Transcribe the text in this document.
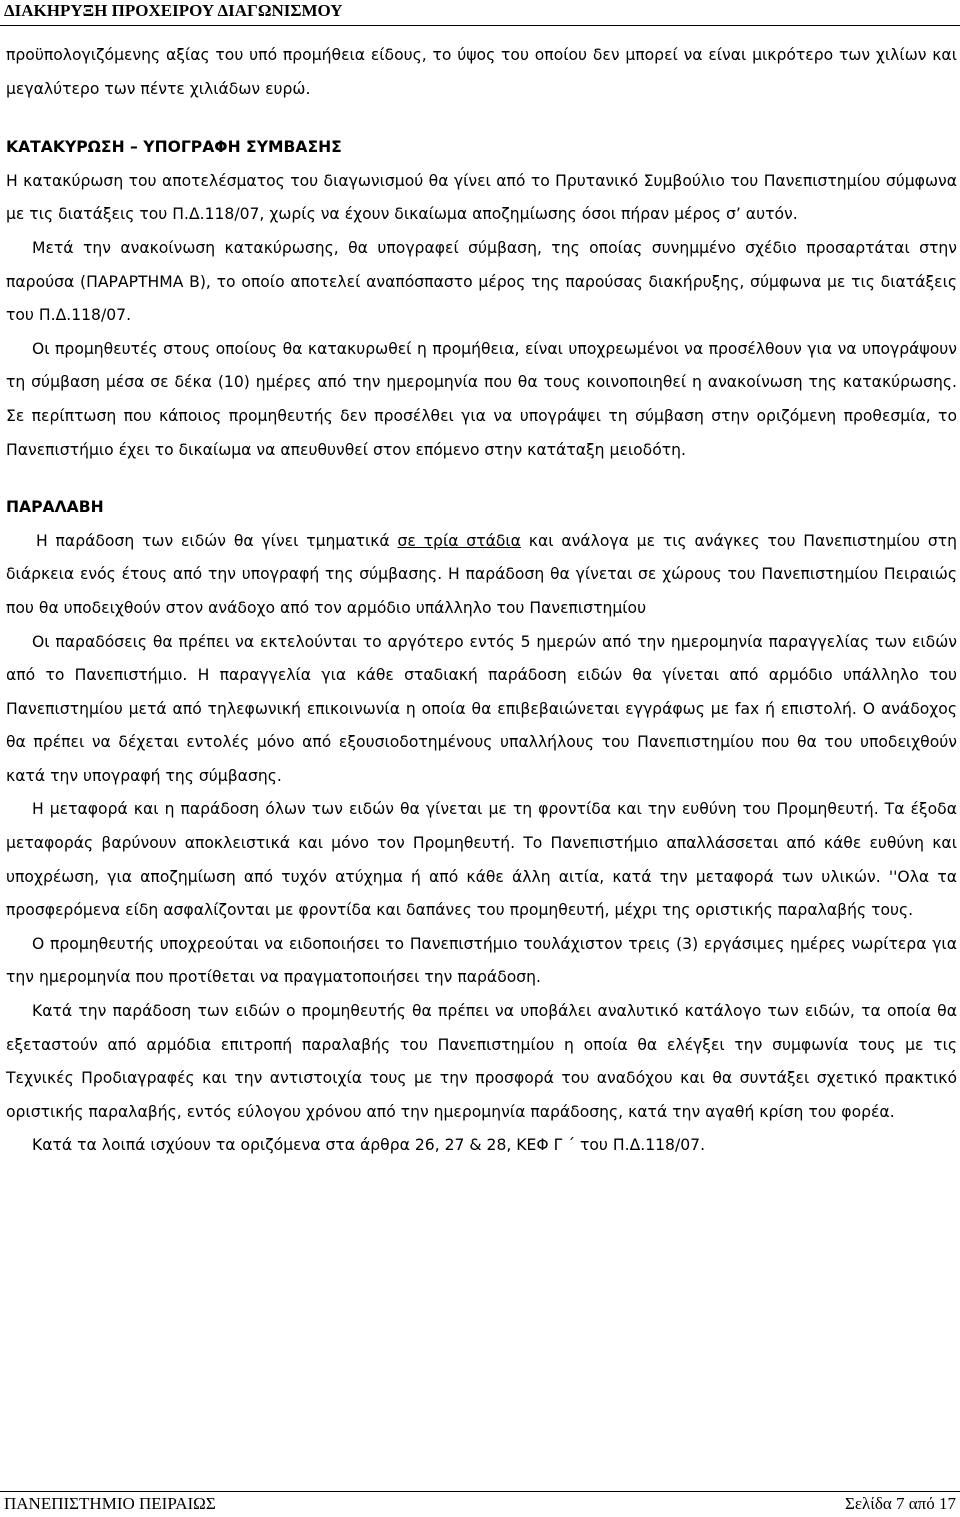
ΔΙΑΚΗΡΥΞΗ ΠΡΟΧΕΙΡΟΥ ΔΙΑΓΩΝΙΣΜΟΥ

προϋπολογιζόμενης αξίας του υπό προμήθεια είδους, το ύψος του οποίου δεν μπορεί να είναι μικρότερο των χιλίων και μεγαλύτερο των πέντε χιλιάδων ευρώ.

ΚΑΤΑΚΥΡΩΣΗ – ΥΠΟΓΡΑΦΗ ΣΥΜΒΑΣΗΣ

Η κατακύρωση του αποτελέσματος του διαγωνισμού θα γίνει από το Πρυτανικό Συμβούλιο του Πανεπιστημίου σύμφωνα με τις διατάξεις του Π.Δ.118/07, χωρίς να έχουν δικαίωμα αποζημίωσης όσοι πήραν μέρος σ’ αυτόν.

Μετά την ανακοίνωση κατακύρωσης, θα υπογραφεί σύμβαση, της οποίας συνημμένο σχέδιο προσαρτάται στην παρούσα (ΠΑΡΑΡΤΗΜΑ Β), το οποίο αποτελεί αναπόσπαστο μέρος της παρούσας διακήρυξης, σύμφωνα με τις διατάξεις του Π.Δ.118/07.

Οι προμηθευτές στους οποίους θα κατακυρωθεί η προμήθεια, είναι υποχρεωμένοι να προσέλθουν για να υπογράψουν τη σύμβαση μέσα σε δέκα (10) ημέρες από την ημερομηνία που θα τους κοινοποιηθεί η ανακοίνωση της κατακύρωσης. Σε περίπτωση που κάποιος προμηθευτής δεν προσέλθει για να υπογράψει τη σύμβαση στην οριζόμενη προθεσμία, το Πανεπιστήμιο έχει το δικαίωμα να απευθυνθεί στον επόμενο στην κατάταξη μειοδότη.

ΠΑΡΑΛΑΒΗ

Η παράδοση των ειδών θα γίνει τμηματικά σε τρία στάδια και ανάλογα με τις ανάγκες του Πανεπιστημίου στη διάρκεια ενός έτους από την υπογραφή της σύμβασης. Η παράδοση θα γίνεται σε χώρους του Πανεπιστημίου Πειραιώς που θα υποδειχθούν στον ανάδοχο από τον αρμόδιο υπάλληλο του Πανεπιστημίου

Οι παραδόσεις θα πρέπει να εκτελούνται το αργότερο εντός 5 ημερών από την ημερομηνία παραγγελίας των ειδών από το Πανεπιστήμιο. Η παραγγελία για κάθε σταδιακή παράδοση ειδών θα γίνεται από αρμόδιο υπάλληλο του Πανεπιστημίου μετά από τηλεφωνική επικοινωνία η οποία θα επιβεβαιώνεται εγγράφως με fax ή επιστολή. Ο ανάδοχος θα πρέπει να δέχεται εντολές μόνο από εξουσιοδοτημένους υπαλλήλους του Πανεπιστημίου που θα του υποδειχθούν κατά την υπογραφή της σύμβασης.

Η μεταφορά και η παράδοση όλων των ειδών θα γίνεται με τη φροντίδα και την ευθύνη του Προμηθευτή. Τα έξοδα μεταφοράς βαρύνουν αποκλειστικά και μόνο τον Προμηθευτή. Το Πανεπιστήμιο απαλλάσσεται από κάθε ευθύνη και υποχρέωση, για αποζημίωση από τυχόν ατύχημα ή από κάθε άλλη αιτία, κατά την μεταφορά των υλικών. ''Ολα τα προσφερόμενα είδη ασφαλίζονται με φροντίδα και δαπάνες του προμηθευτή, μέχρι της οριστικής παραλαβής τους.

Ο προμηθευτής υποχρεούται να ειδοποιήσει το Πανεπιστήμιο τουλάχιστον τρεις (3) εργάσιμες ημέρες νωρίτερα για την ημερομηνία που προτίθεται να πραγματοποιήσει την παράδοση.

Κατά την παράδοση των ειδών ο προμηθευτής θα πρέπει να υποβάλει αναλυτικό κατάλογο των ειδών, τα οποία θα εξεταστούν από αρμόδια επιτροπή παραλαβής του Πανεπιστημίου η οποία θα ελέγξει την συμφωνία τους με τις Τεχνικές Προδιαγραφές και την αντιστοιχία τους με την προσφορά του αναδόχου και θα συντάξει σχετικό πρακτικό οριστικής παραλαβής, εντός εύλογου χρόνου από την ημερομηνία παράδοσης, κατά την αγαθή κρίση του φορέα.

Κατά τα λοιπά ισχύουν τα οριζόμενα στα άρθρα 26, 27 & 28, ΚΕΦ Γ ΄ του Π.Δ.118/07.

ΠΑΝΕΠΙΣΤΗΜΙΟ ΠΕΙΡΑΙΩΣ	Σελίδα 7 από 17
